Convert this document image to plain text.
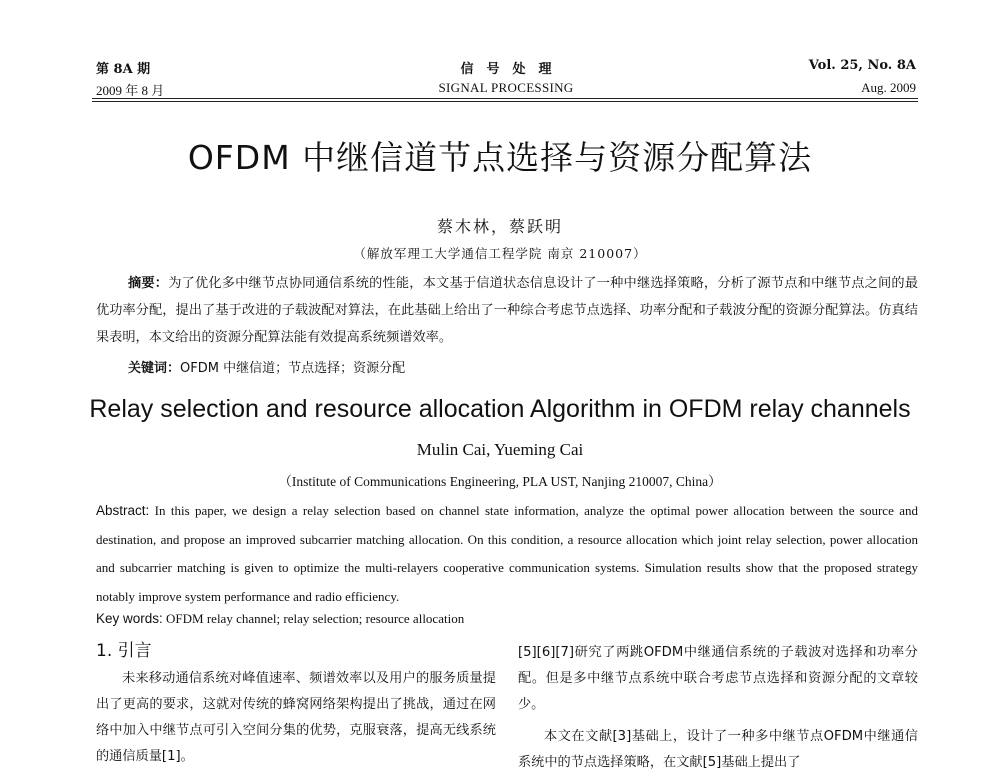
第 8A 期	信　号　处　理	Vol. 25, No. 8A
2009 年 8 月	SIGNAL PROCESSING	Aug. 2009
OFDM 中继信道节点选择与资源分配算法
蔡木林，蔡跃明
（解放军理工大学通信工程学院 南京 210007）

摘要：为了优化多中继节点协同通信系统的性能，本文基于信道状态信息设计了一种中继选择策略，分析了源节点和中继节点之间的最优功率分配，提出了基于改进的子载波配对算法，在此基础上给出了一种综合考虑节点选择、功率分配和子载波分配的资源分配算法。仿真结果表明，本文给出的资源分配算法能有效提高系统频谱效率。

关键词：OFDM 中继信道；节点选择；资源分配
Relay selection and resource allocation Algorithm in OFDM relay channels
Mulin Cai, Yueming Cai
（Institute of Communications Engineering, PLA UST, Nanjing 210007, China）
Abstract: In this paper, we design a relay selection based on channel state information, analyze the optimal power allocation between the source and destination, and propose an improved subcarrier matching allocation. On this condition, a resource allocation which joint relay selection, power allocation and subcarrier matching is given to optimize the multi-relayers cooperative communication systems. Simulation results show that the proposed strategy notably improve system performance and radio efficiency.
Key words: OFDM relay channel; relay selection; resource allocation
1. 引言

未来移动通信系统对峰值速率、频谱效率以及用户的服务质量提出了更高的要求，这就对传统的蜂窝网络架构提出了挑战，通过在网络中加入中继节点可引入空间分集的优势，克服衰落，提高无线系统的通信质量[1]。

[5][6][7]研究了两跳OFDM中继通信系统的子载波对选择和功率分配。但是多中继节点系统中联合考虑节点选择和资源分配的文章较少。

本文在文献[3]基础上，设计了一种多中继节点OFDM中继通信系统中的节点选择策略，在文献[5]基础上提出了
